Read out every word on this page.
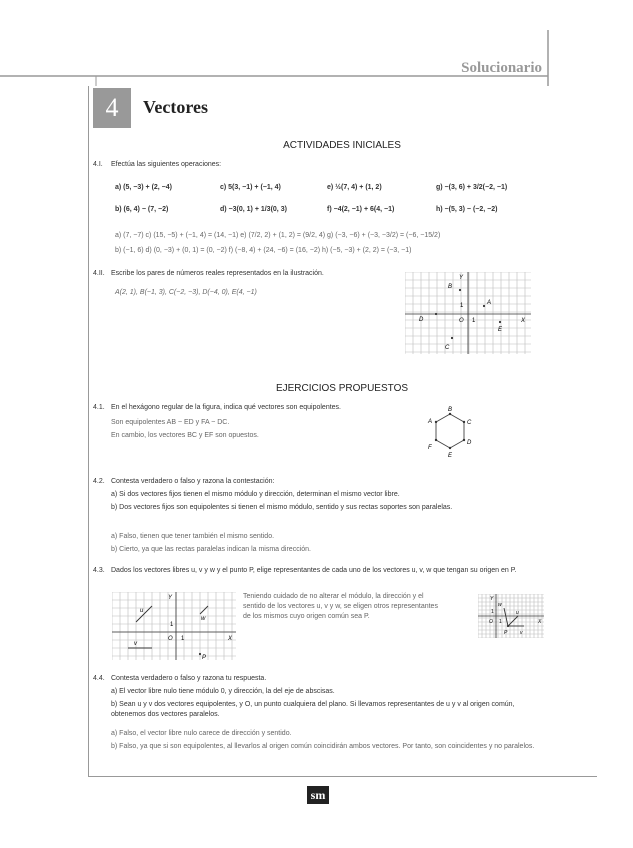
Solucionario
4	Vectores
ACTIVIDADES INICIALES
4.I. Efectúa las siguientes operaciones:
a) (5, −3) + (2, −4)	c) 5(3, −1) + (−1, 4)	e) ½(7, 4) + (1, 2)	g) −(3, 6) + 3/2(−2, −1)
b) (6, 4) − (7, −2)	d) −3(0, 1) + 1/3(0, 3)	f) −4(2, −1) + 6(4, −1)	h) −(5, 3) − (−2, −2)
a) (7, −7) c) (15, −5) + (−1, 4) = (14, −1) e) (7/2, 2) + (1, 2) = (9/2, 4) g) (−3, −6) + (−3, −3/2) = (−6, −15/2)
b) (−1, 6) d) (0, −3) + (0, 1) = (0, −2) f) (−8, 4) + (24, −6) = (16, −2) h) (−5, −3) + (2, 2) = (−3, −1)
4.II. Escribe los pares de números reales representados en la ilustración.
A(2, 1), B(−1, 3), C(−2, −3), D(−4, 0), E(4, −1)
Y
X
O 1
1	A
B
C
D
E
EJERCICIOS PROPUESTOS
4.1. En el hexágono regular de la figura, indica qué vectores son equipolentes.
Son equipolentes AB ~ ED y FA ~ DC.
En cambio, los vectores BC y EF son opuestos.
B
C
D
E
F
A
4.2. Contesta verdadero o falso y razona la contestación:
a) Si dos vectores fijos tienen el mismo módulo y dirección, determinan el mismo vector libre.
b) Dos vectores fijos son equipolentes si tienen el mismo módulo, sentido y sus rectas soportes son paralelas.
a) Falso, tienen que tener también el mismo sentido.
b) Cierto, ya que las rectas paralelas indican la misma dirección.
4.3. Dados los vectores libres u, v y w y el punto P, elige representantes de cada uno de los vectores u, v, w que tengan su origen en P.
u
w
v
Y
X
O 1
1
P
Teniendo cuidado de no alterar el módulo, la dirección y el sentido de los vectores u, v y w, se eligen otros representantes de los mismos cuyo origen común sea P.
Y
X
O 1
1	u
w
v
P
4.4. Contesta verdadero o falso y razona tu respuesta.
a) El vector libre nulo tiene módulo 0, y dirección, la del eje de abscisas.
b) Sean u y v dos vectores equipolentes, y O, un punto cualquiera del plano. Si llevamos representantes de u y v al origen común, obtenemos dos vectores paralelos.
a) Falso, el vector libre nulo carece de dirección y sentido.
b) Falso, ya que si son equipolentes, al llevarlos al origen común coincidirán ambos vectores. Por tanto, son coincidentes y no paralelos.
sm
